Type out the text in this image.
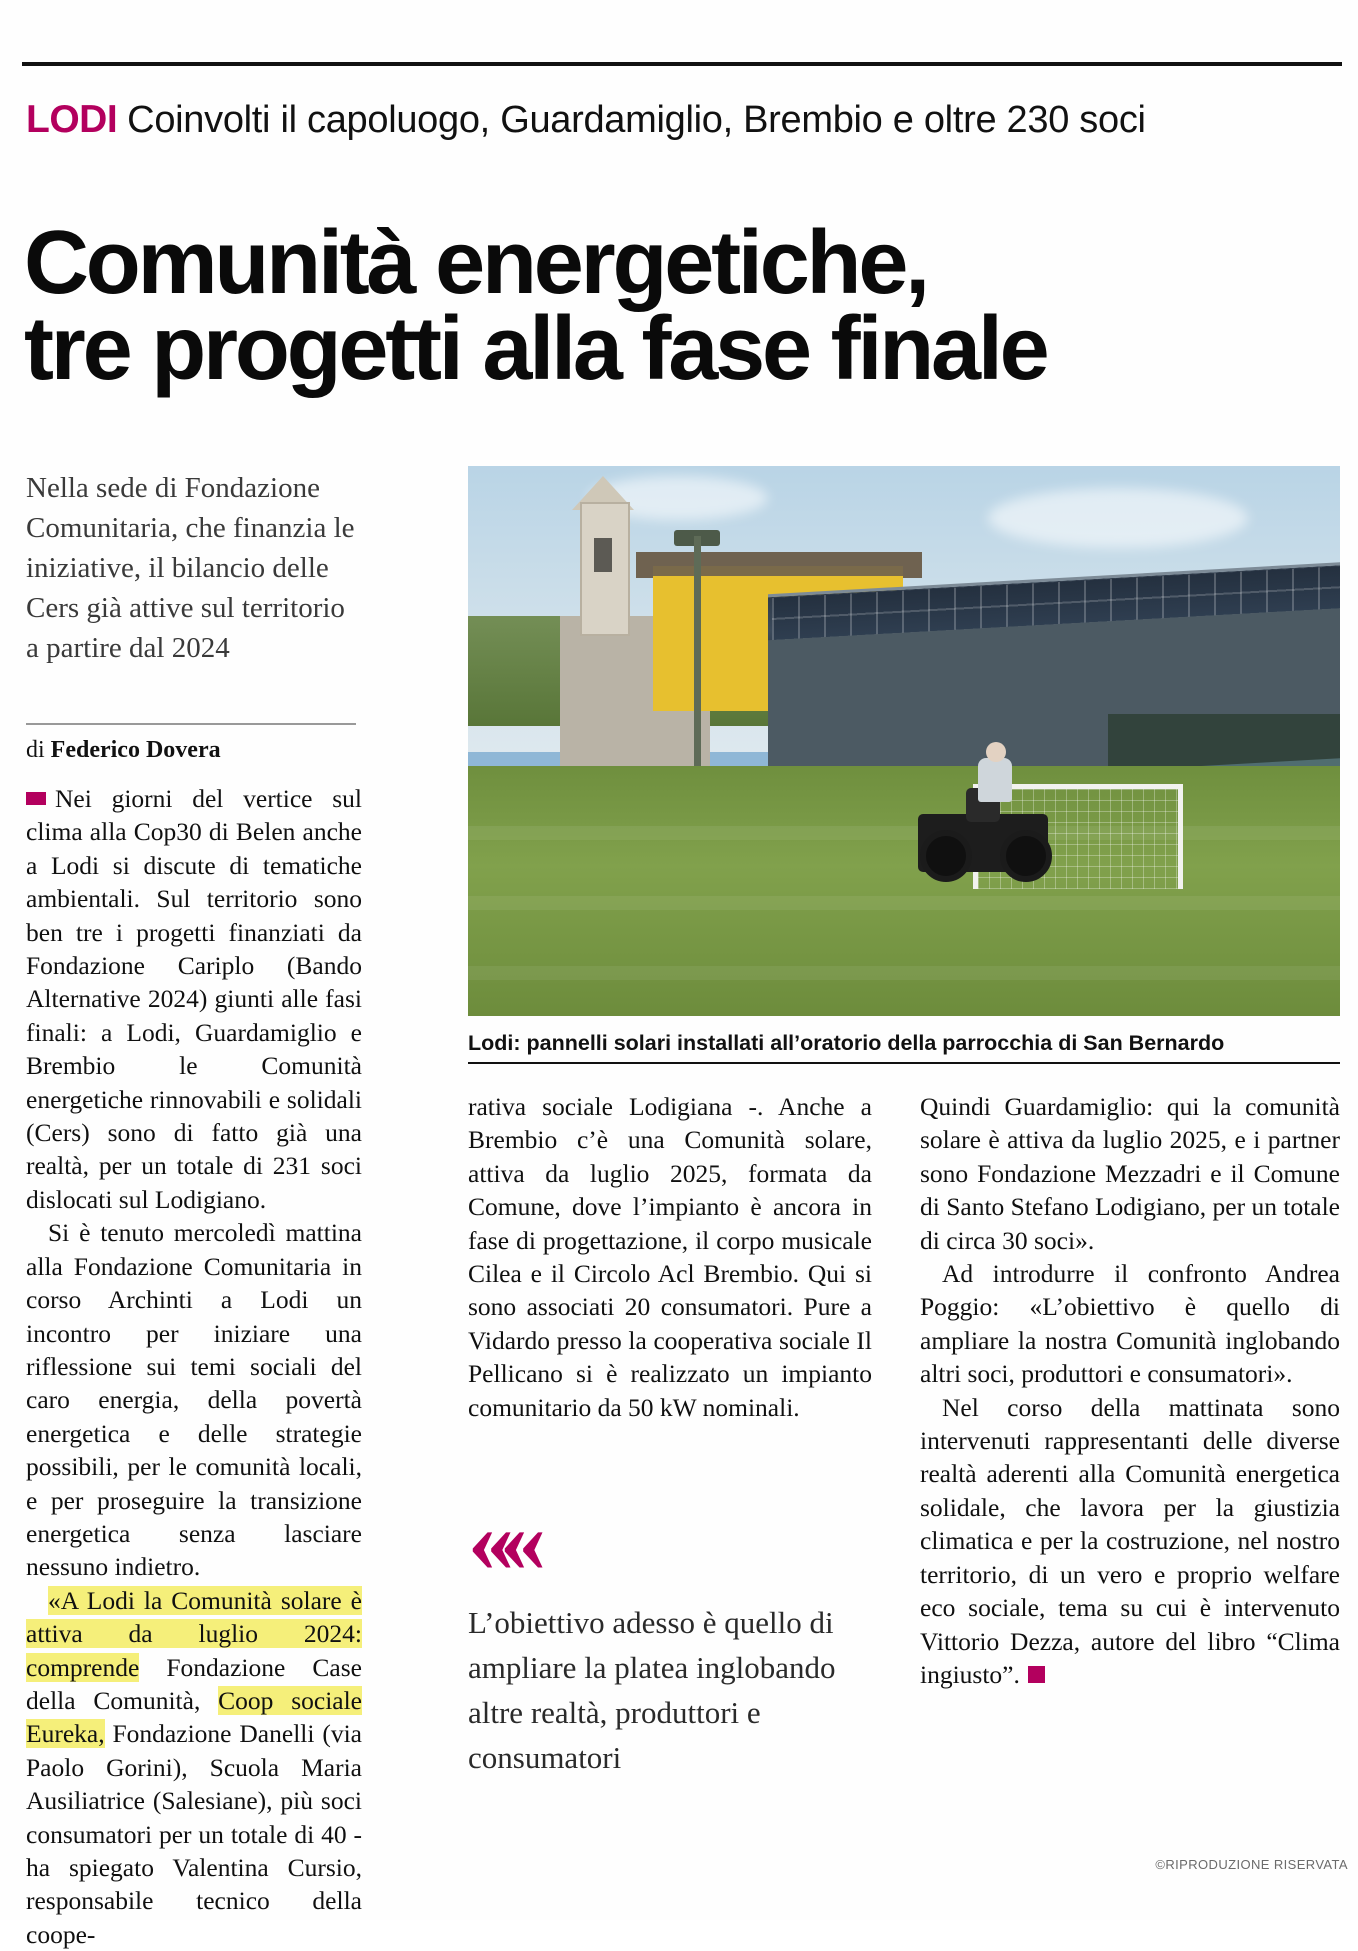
LODI Coinvolti il capoluogo, Guardamiglio, Brembio e oltre 230 soci
Comunità energetiche,
tre progetti alla fase finale
Nella sede di Fondazione Comunitaria, che finanzia le iniziative, il bilancio delle Cers già attive sul territorio a partire dal 2024
di Federico Dovera

Nei giorni del vertice sul clima alla Cop30 di Belen anche a Lodi si discute di tematiche ambientali. Sul territorio sono ben tre i progetti finanziati da Fondazione Cariplo (Bando Alternative 2024) giunti alle fasi finali: a Lodi, Guardamiglio e Brembio le Comunità energetiche rinnovabili e solidali (Cers) sono di fatto già una realtà, per un totale di 231 soci dislocati sul Lodigiano.

Si è tenuto mercoledì mattina alla Fondazione Comunitaria in corso Archinti a Lodi un incontro per iniziare una riflessione sui temi sociali del caro energia, della povertà energetica e delle strategie possibili, per le comunità locali, e per proseguire la transizione energetica senza lasciare nessuno indietro.

«A Lodi la Comunità solare è attiva da luglio 2024: comprende Fondazione Case della Comunità, Coop sociale Eureka, Fondazione Danelli (via Paolo Gorini), Scuola Maria Ausiliatrice (Salesiane), più soci consumatori per un totale di 40 - ha spiegato Valentina Cursio, responsabile tecnico della coope-

Lodi: pannelli solari installati all’oratorio della parrocchia di San Bernardo

rativa sociale Lodigiana -. Anche a Brembio c’è una Comunità solare, attiva da luglio 2025, formata da Comune, dove l’impianto è ancora in fase di progettazione, il corpo musicale Cilea e il Circolo Acl Brembio. Qui si sono associati 20 consumatori. Pure a Vidardo presso la cooperativa sociale Il Pellicano si è realizzato un impianto comunitario da 50 kW nominali.

««
L’obiettivo adesso è quello di ampliare la platea inglobando altre realtà, produttori e consumatori

Quindi Guardamiglio: qui la comunità solare è attiva da luglio 2025, e i partner sono Fondazione Mezzadri e il Comune di Santo Stefano Lodigiano, per un totale di circa 30 soci».

Ad introdurre il confronto Andrea Poggio: «L’obiettivo è quello di ampliare la nostra Comunità inglobando altri soci, produttori e consumatori».

Nel corso della mattinata sono intervenuti rappresentanti delle diverse realtà aderenti alla Comunità energetica solidale, che lavora per la giustizia climatica e per la costruzione, nel nostro territorio, di un vero e proprio welfare eco sociale, tema su cui è intervenuto Vittorio Dezza, autore del libro “Clima ingiusto”.

©RIPRODUZIONE RISERVATA
